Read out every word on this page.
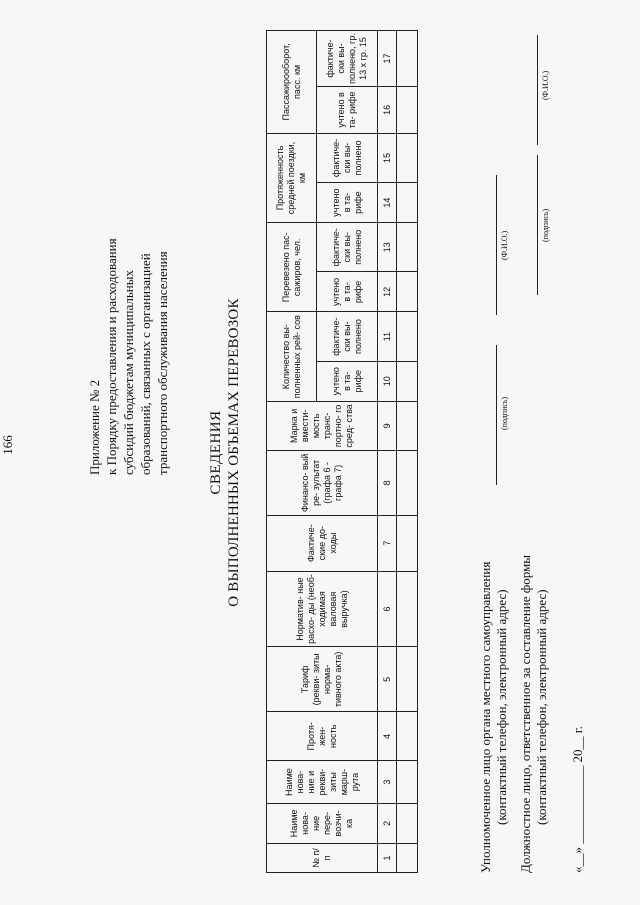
166	Приложение № 2 к Порядку предоставления и расходования субсидий бюджетам муниципальных образований, связанных с организацией транспортного обслуживания населения	СВЕДЕНИЯ О ВЫПОЛНЕННЫХ ОБЪЕМАХ ПЕРЕВОЗОК
№ п/п	Наиме нова- ние пере- возчи- ка	Наиме нова- ние и рекви- зиты марш- рута	Протя- жен- ность	Тариф (рекви- зиты норма- тивного акта)	Норматив- ные расхо- ды (необ- ходимая валовая выручка)	Фактиче- ские до- ходы	Финансо- вый ре- зультат (графа 6 - графа 7)	Марка и вмести- мость транс- портно- го сред- ства	Количество вы- полненных рей- сов		Перевезено пас- сажиров, чел.		Протяженность средней поездки, км		Пассажирооборот, пасс. км	
									учтено в та- рифе	фактиче- ски вы- полнено	учтено в та- рифе	фактиче- ски вы- полнено	учтено в та- рифе	фактиче- ски вы- полнено	учтено в та- рифе	фактиче- ски вы- полнено, гр. 13 х гр. 15
1	2	3	4	5	6	7	8	9	10	11	12	13	14	15	16	17

Уполномоченное лицо органа местного самоуправления (контактный телефон, электронный адрес)
(подпись)
(Ф.И.О.)
Должностное лицо, ответственное за составление формы (контактный телефон, электронный адрес)
(подпись)
(Ф.И.О.)
«__» ____________ 20__ г.
